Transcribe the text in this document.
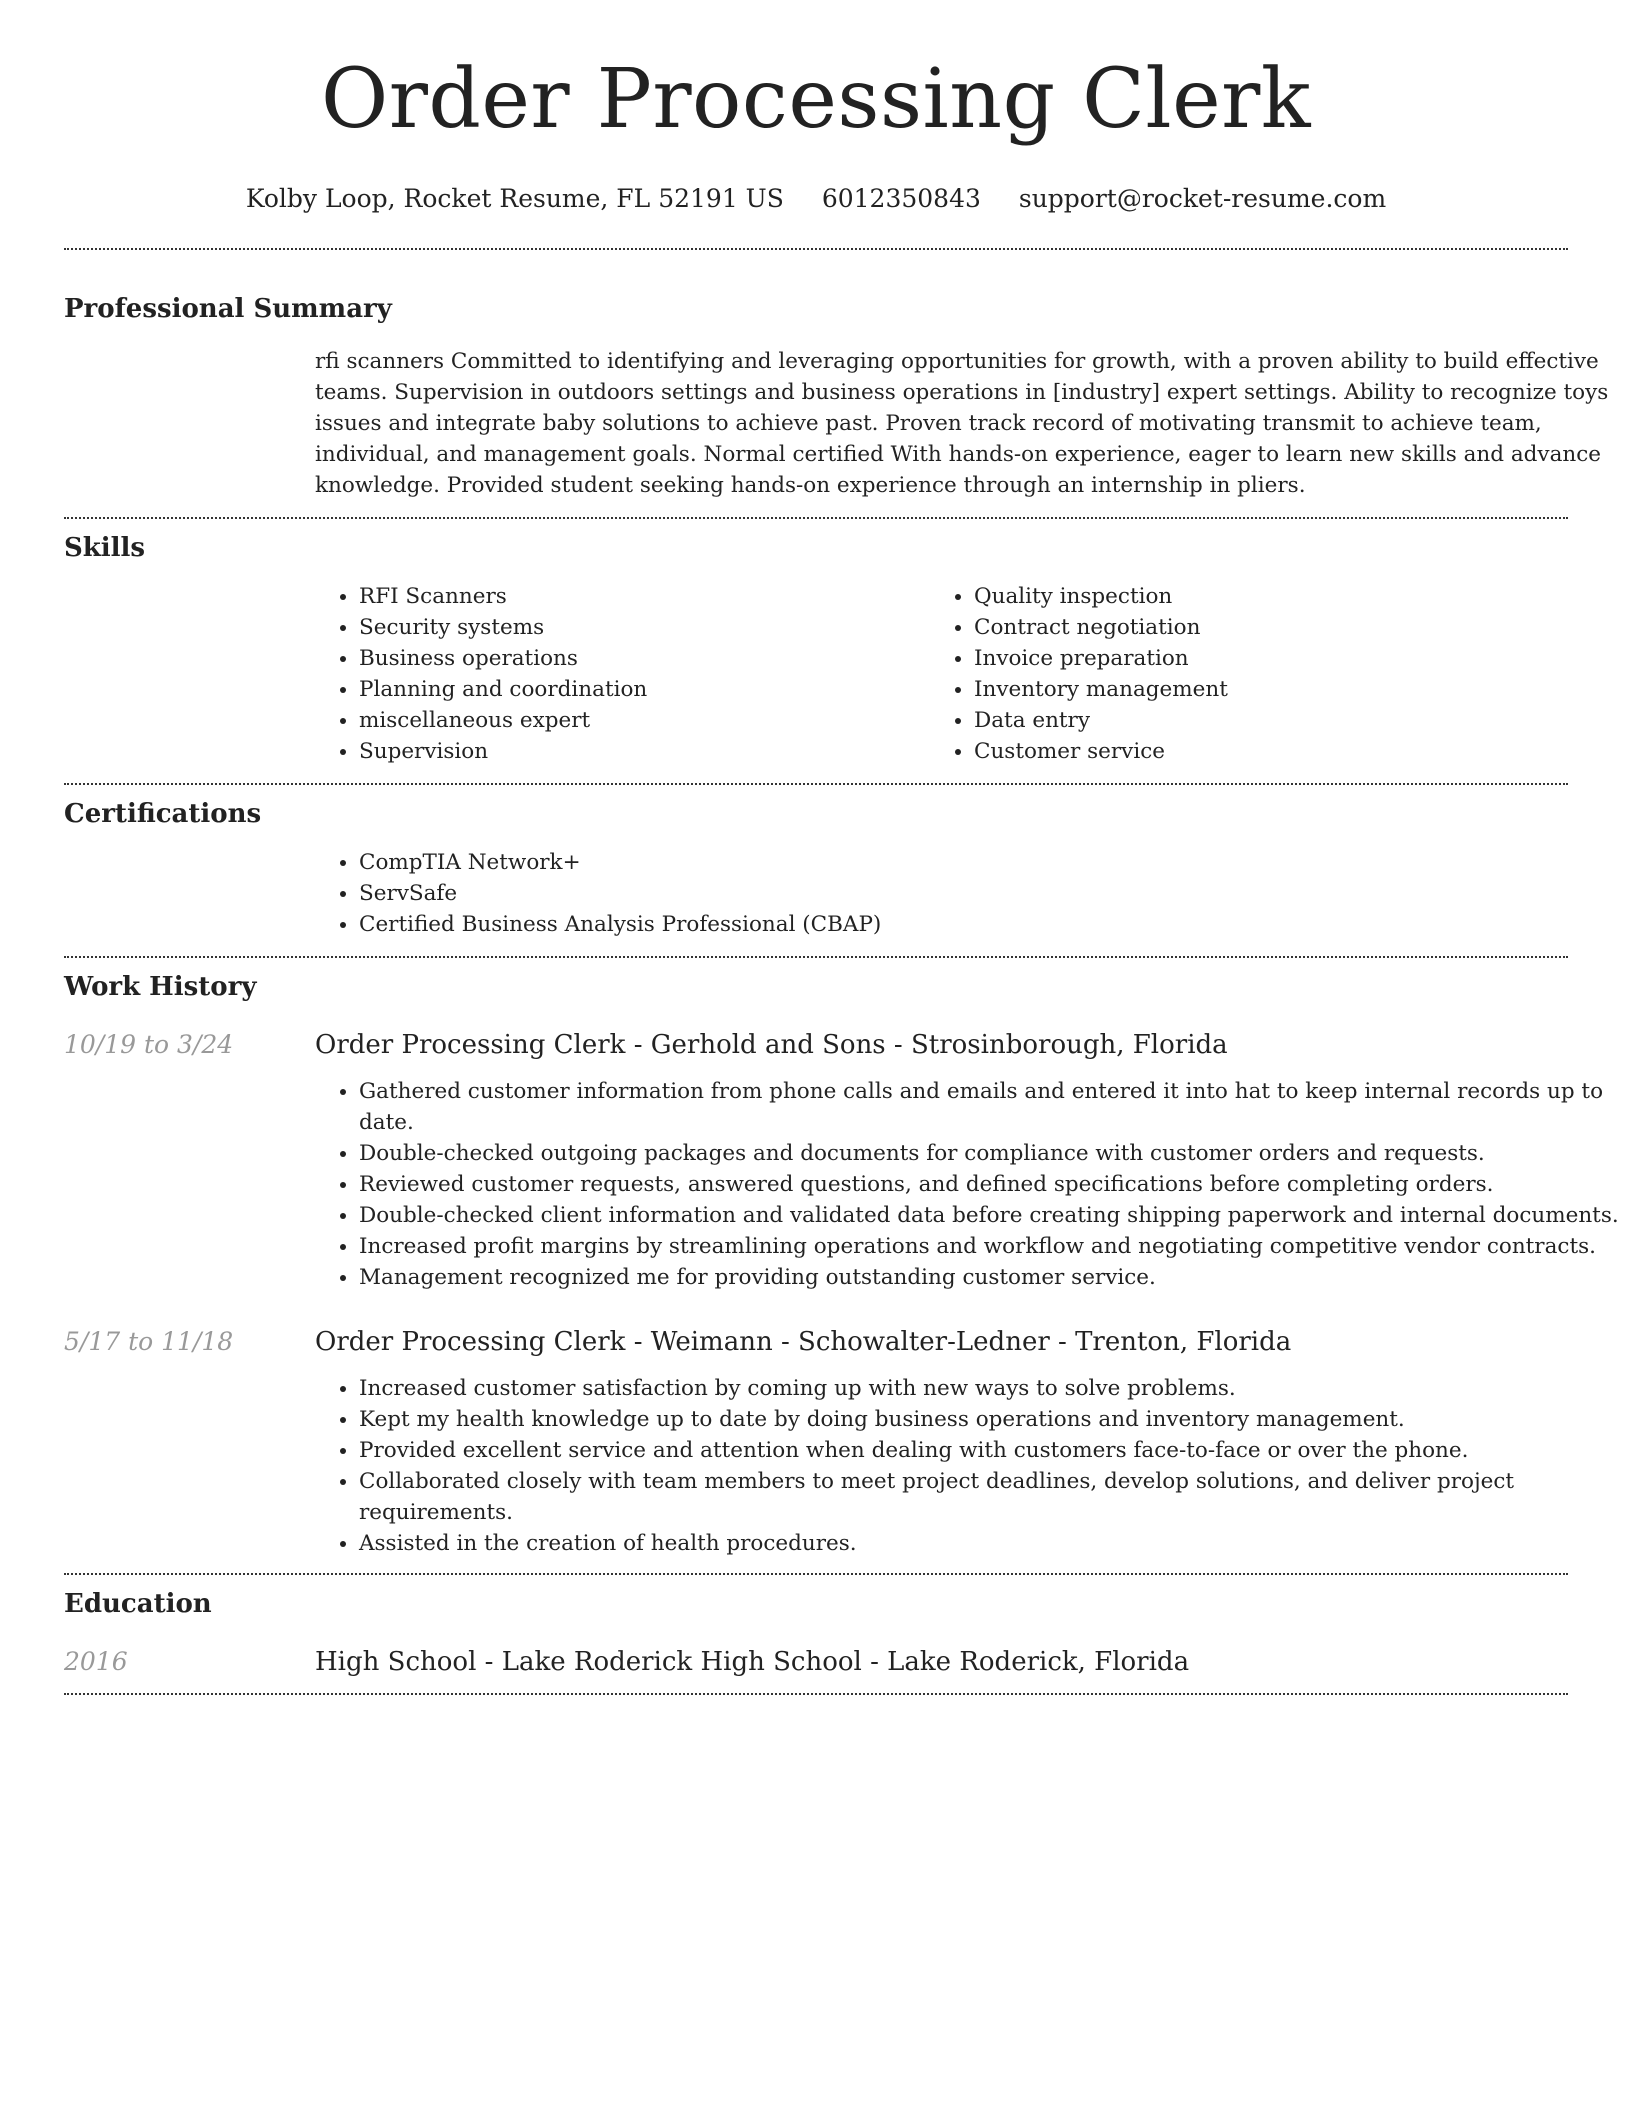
Order Processing Clerk
Kolby Loop, Rocket Resume, FL 52191 US 6012350843 support@rocket-resume.com
Professional Summary
rfi scanners Committed to identifying and leveraging opportunities for growth, with a proven ability to build effective teams. Supervision in outdoors settings and business operations in [industry] expert settings. Ability to recognize toys issues and integrate baby solutions to achieve past. Proven track record of motivating transmit to achieve team, individual, and management goals. Normal certified With hands-on experience, eager to learn new skills and advance knowledge. Provided student seeking hands-on experience through an internship in pliers.
Skills
• RFI Scanners
• Security systems
• Business operations
• Planning and coordination
• miscellaneous expert
• Supervision
• Quality inspection
• Contract negotiation
• Invoice preparation
• Inventory management
• Data entry
• Customer service
Certifications
• CompTIA Network+
• ServSafe
• Certified Business Analysis Professional (CBAP)
Work History
10/19 to 3/24	Order Processing Clerk - Gerhold and Sons - Strosinborough, Florida
• Gathered customer information from phone calls and emails and entered it into hat to keep internal records up to date.
• Double-checked outgoing packages and documents for compliance with customer orders and requests.
• Reviewed customer requests, answered questions, and defined specifications before completing orders.
• Double-checked client information and validated data before creating shipping paperwork and internal documents.
• Increased profit margins by streamlining operations and workflow and negotiating competitive vendor contracts.
• Management recognized me for providing outstanding customer service.
5/17 to 11/18	Order Processing Clerk - Weimann - Schowalter-Ledner - Trenton, Florida
• Increased customer satisfaction by coming up with new ways to solve problems.
• Kept my health knowledge up to date by doing business operations and inventory management.
• Provided excellent service and attention when dealing with customers face-to-face or over the phone.
• Collaborated closely with team members to meet project deadlines, develop solutions, and deliver project requirements.
• Assisted in the creation of health procedures.
Education
2016	High School - Lake Roderick High School - Lake Roderick, Florida
